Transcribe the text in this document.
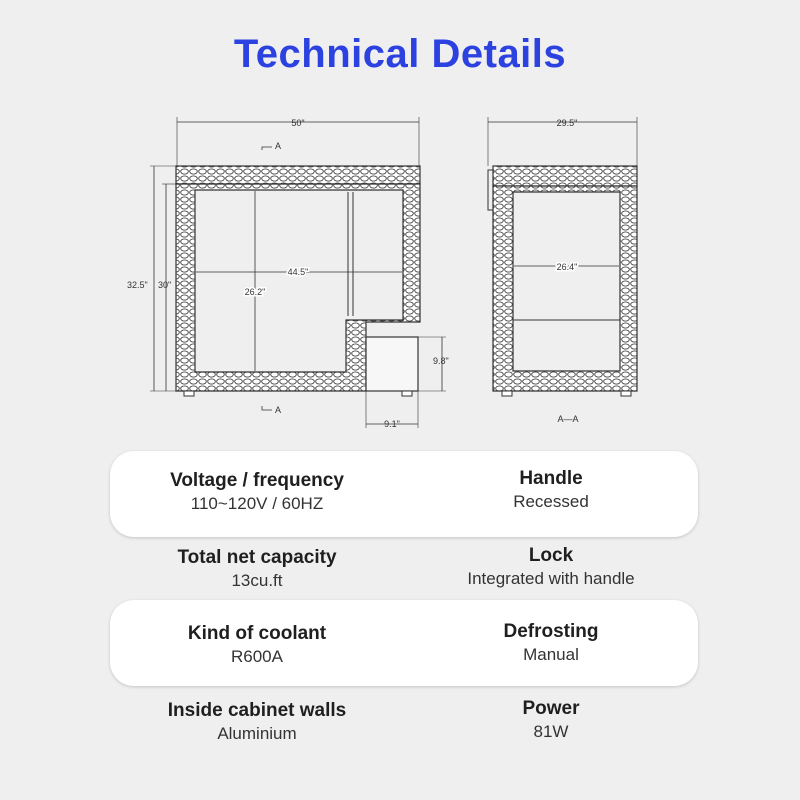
Technical Details
50"
A
A
32.5" 30"
44.5"
26.2"
9.8"
9.1"
29.5"
26.4"
A—A
Voltage / frequency
110~120V / 60HZ
Handle
Recessed
Total net capacity
13cu.ft
Lock
Integrated with handle
Kind of coolant
R600A
Defrosting
Manual
Inside cabinet walls
Aluminium
Power
81W
